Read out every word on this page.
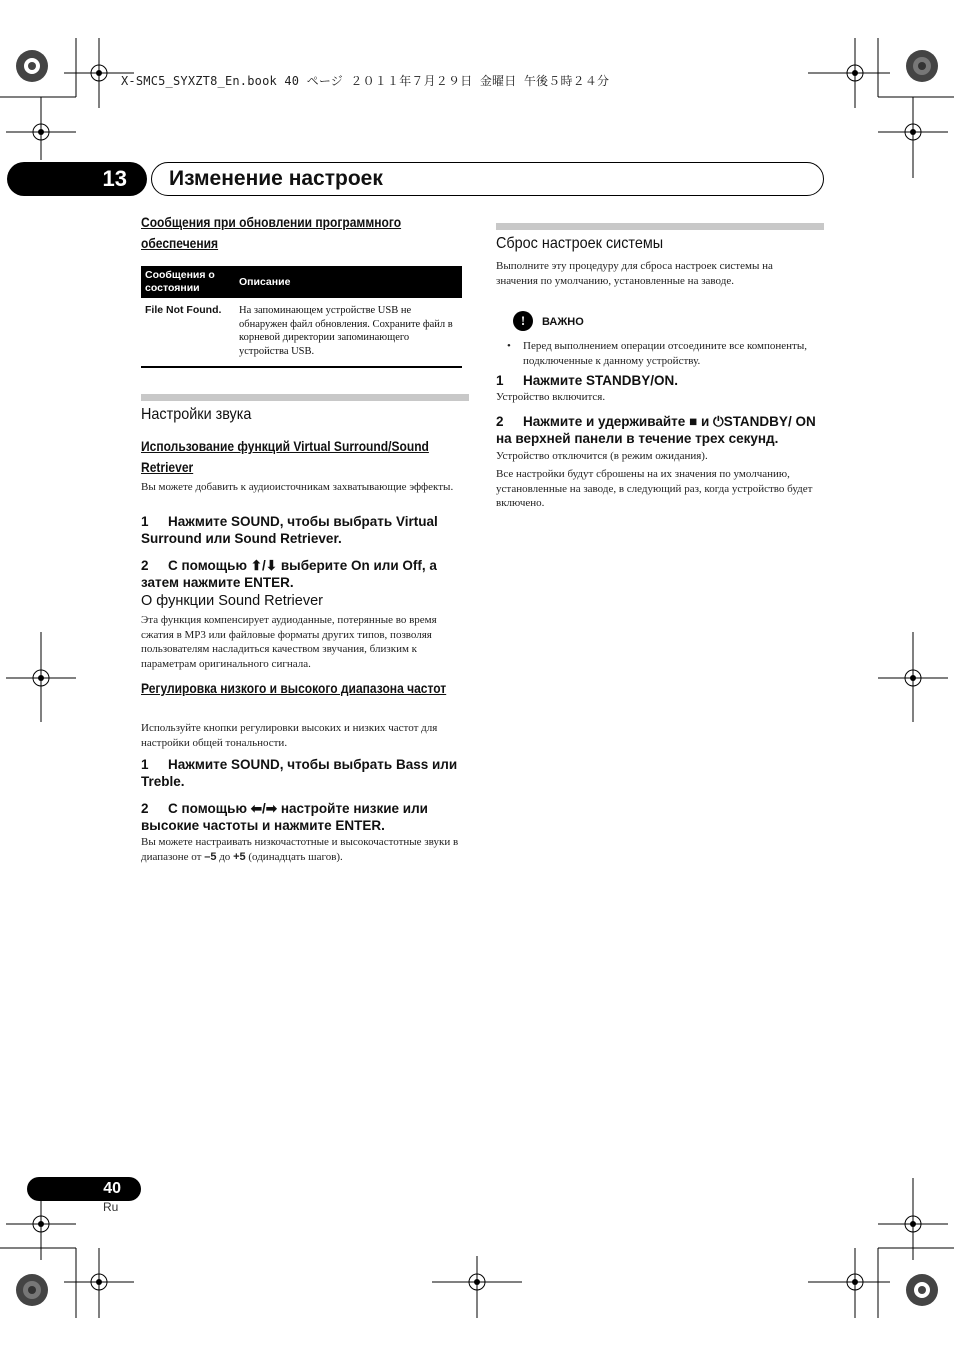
X-SMC5_SYXZT8_En.book 40 ページ ２０１１年７月２９日 金曜日 午後５時２４分
13	Изменение настроек
Сообщения при обновлении программного обеспечения
Сообщения о состоянии	Описание
File Not Found.	На запоминающем устройстве USB не обнаружен файл обновления. Сохраните файл в корневой директории запоминающего устройства USB.
Настройки звука
Использование функций Virtual Surround/Sound Retriever
Вы можете добавить к аудиоисточникам захватывающие эффекты.
1 Нажмите SOUND, чтобы выбрать Virtual Surround или Sound Retriever.
2 С помощью ⬆/⬇ выберите On или Off, а затем нажмите ENTER.
О функции Sound Retriever
Эта функция компенсирует аудиоданные, потерянные во время сжатия в MP3 или файловые форматы других типов, позволяя пользователям насладиться качеством звучания, близким к параметрам оригинального сигнала.
Регулировка низкого и высокого диапазона частот
Используйте кнопки регулировки высоких и низких частот для настройки общей тональности.
1 Нажмите SOUND, чтобы выбрать Bass или Treble.
2 С помощью ⬅/➡ настройте низкие или высокие частоты и нажмите ENTER.
Вы можете настраивать низкочастотные и высокочастотные звуки в диапазоне от –5 до +5 (одинадцать шагов).
Сброс настроек системы
Выполните эту процедуру для сброса настроек системы на значения по умолчанию, установленные на заводе.
! ВАЖНО
•	Перед выполнением операции отсоедините все компоненты, подключенные к данному устройству.
1 Нажмите STANDBY/ON.
Устройство включится.
2 Нажмите и удерживайте ■ и ⏻STANDBY/ ON на верхней панели в течение трех секунд.
Устройство отключится (в режим ожидания).
Все настройки будут сброшены на их значения по умолчанию, установленные на заводе, в следующий раз, когда устройство будет включено.
40
Ru
